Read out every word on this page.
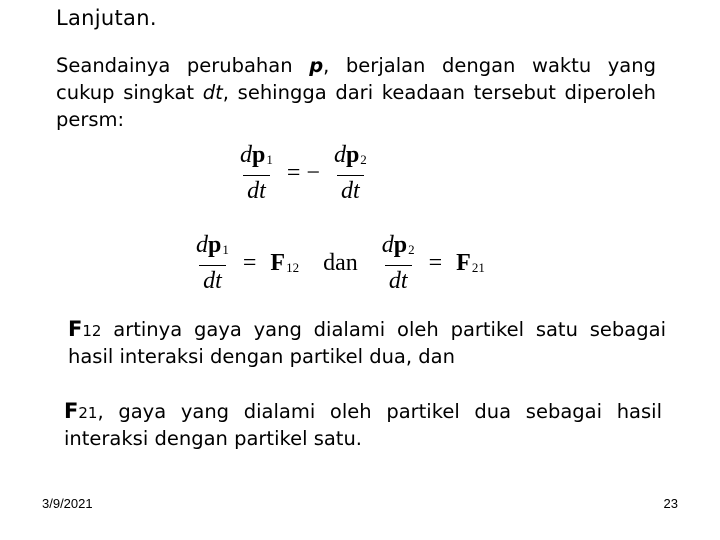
Lanjutan.
Seandainya perubahan p, berjalan dengan waktu yang cukup singkat dt, sehingga dari keadaan tersebut diperoleh persm:
$\frac{dp1}{dt}$ = − $\frac{dp2}{dt}$
$\frac{dp1}{dt} = F12$ dan $\frac{dp2}{dt} = F21$
F12 artinya gaya yang dialami oleh partikel satu sebagai hasil interaksi dengan partikel dua, dan
F21, gaya yang dialami oleh partikel dua sebagai hasil interaksi dengan partikel satu.
3/9/2021	23
